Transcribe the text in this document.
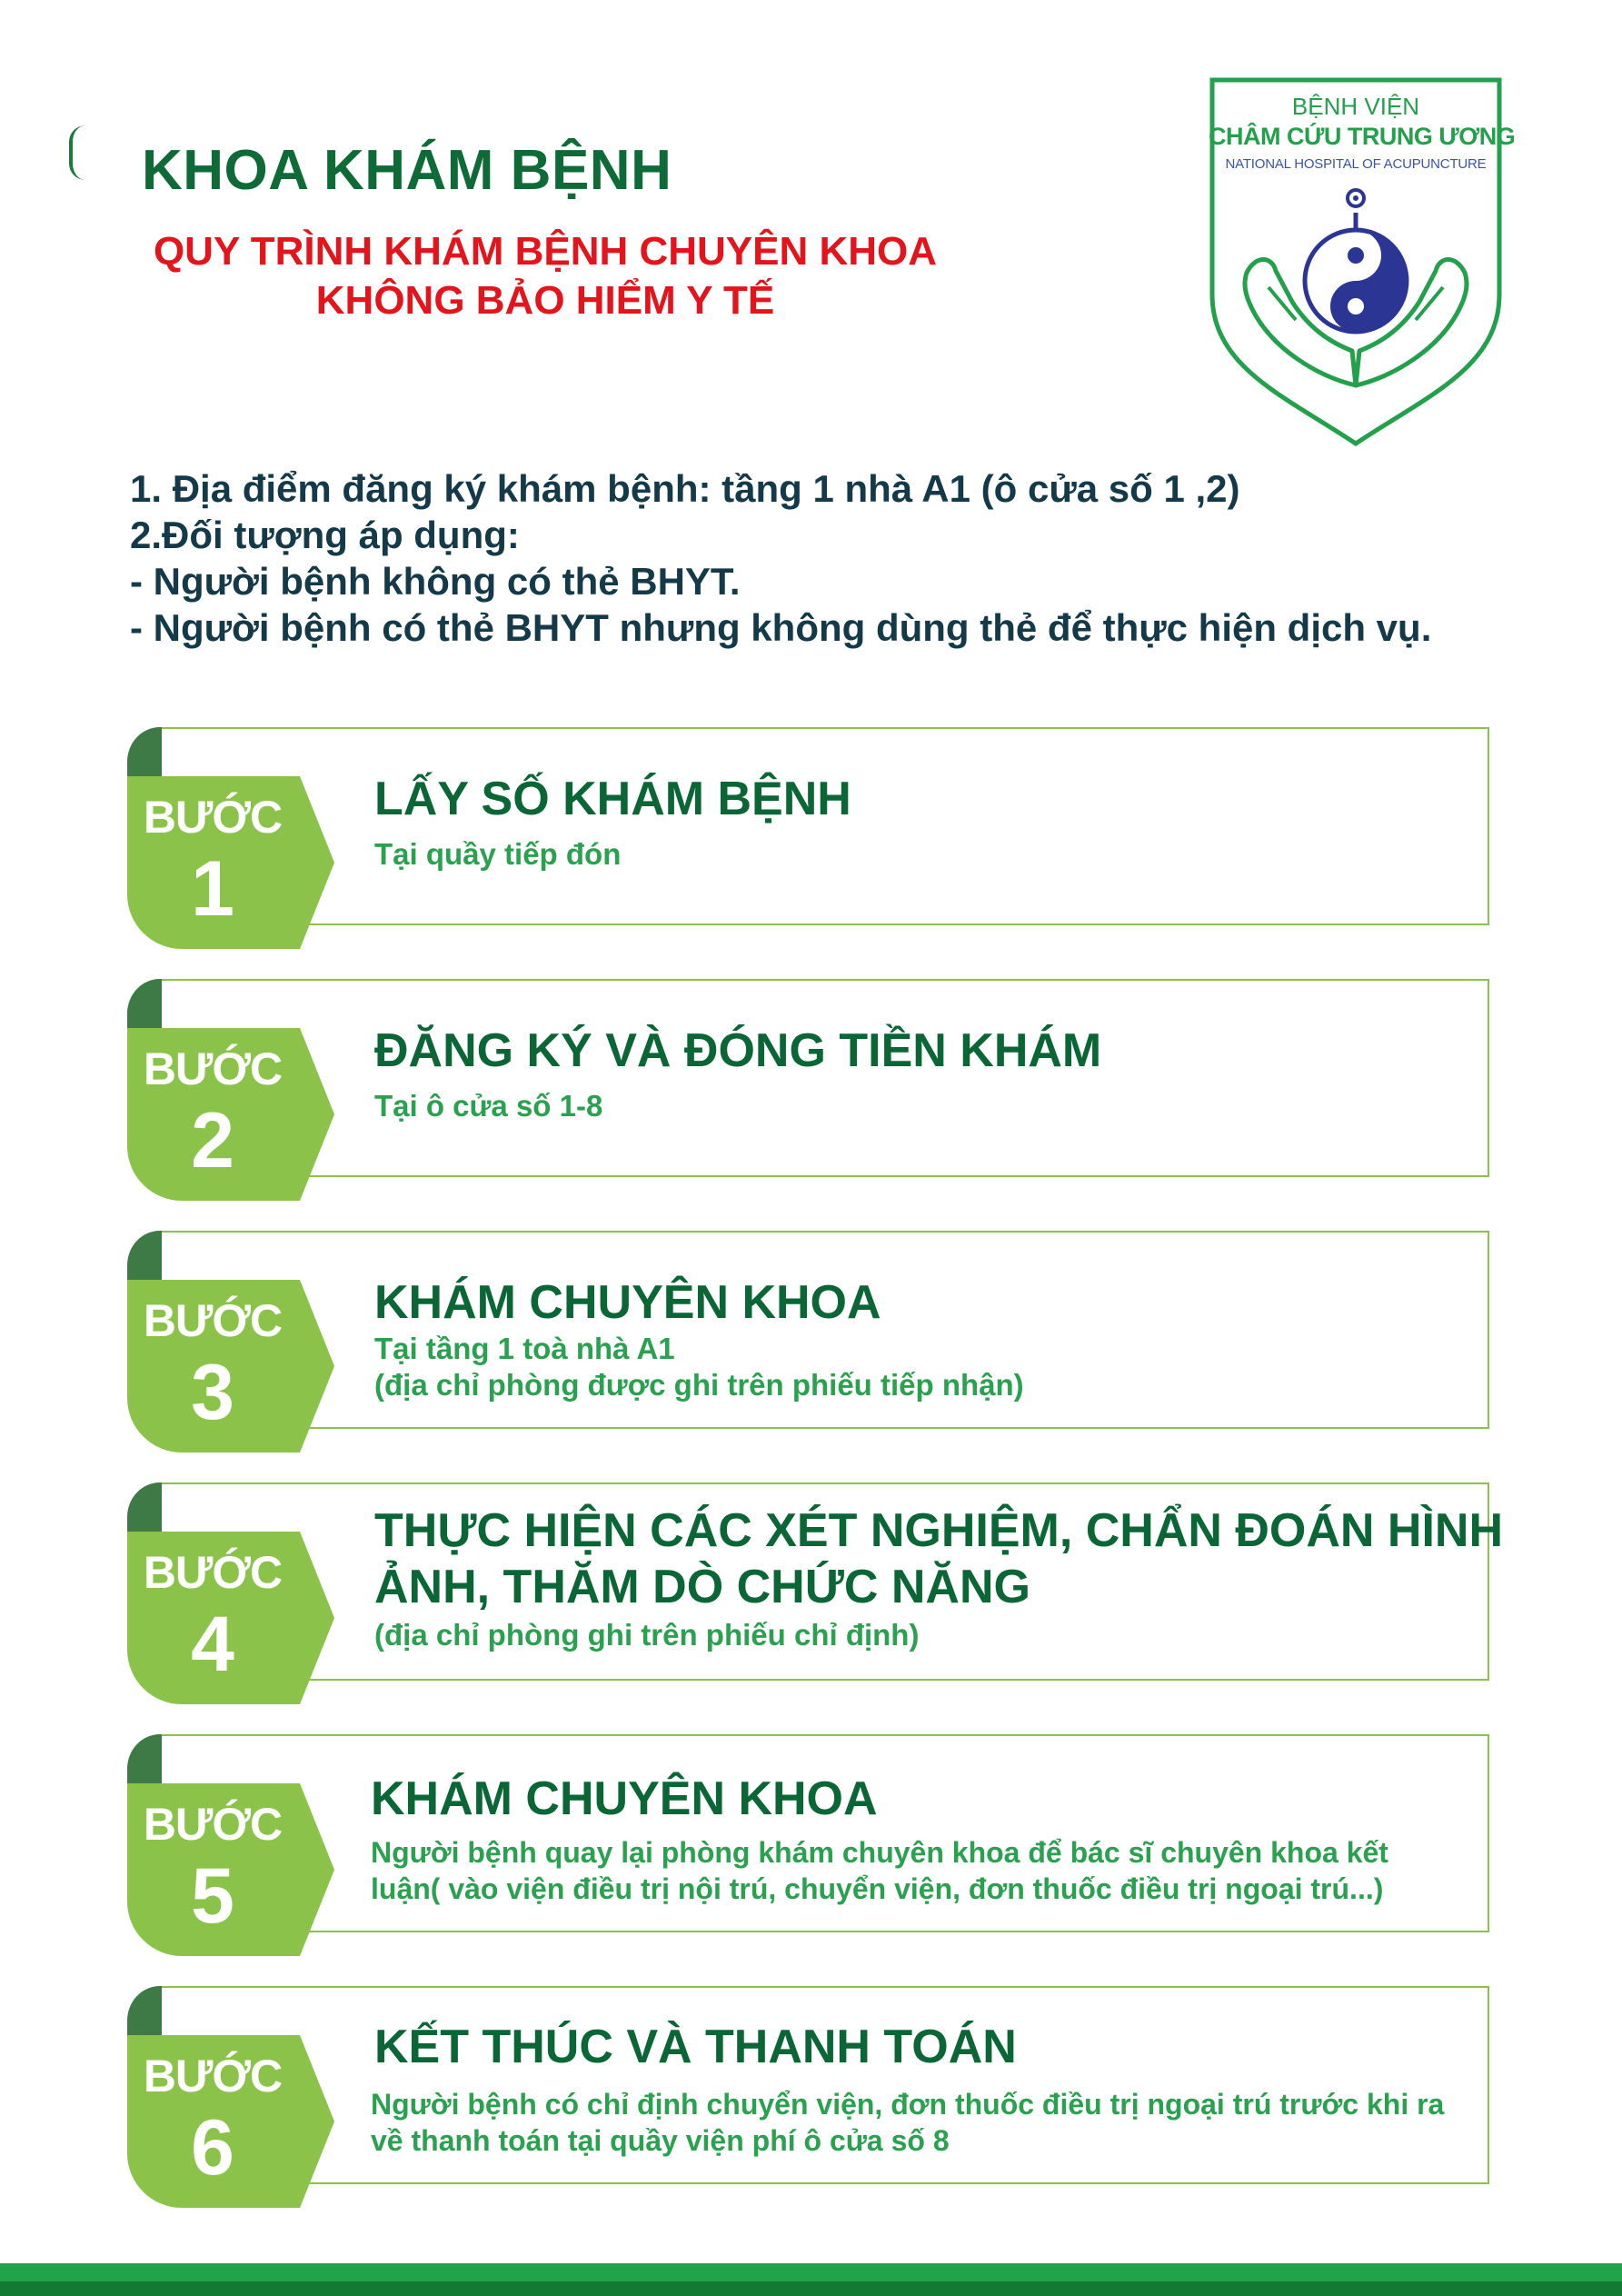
KHOA KHÁM BỆNH
QUY TRÌNH KHÁM BỆNH CHUYÊN KHOA
KHÔNG BẢO HIỂM Y TẾ
BỆNH VIỆN
CHÂM CỨU TRUNG ƯƠNG
NATIONAL HOSPITAL OF ACUPUNCTURE
1. Địa điểm đăng ký khám bệnh: tầng 1 nhà A1 (ô cửa số 1 ,2)
2.Đối tượng áp dụng:
- Người bệnh không có thẻ BHYT.
- Người bệnh có thẻ BHYT nhưng không dùng thẻ để thực hiện dịch vụ.
BƯỚC
1
LẤY SỐ KHÁM BỆNH
Tại quầy tiếp đón
BƯỚC
2
ĐĂNG KÝ VÀ ĐÓNG TIỀN KHÁM
Tại ô cửa số 1-8
BƯỚC
3
KHÁM CHUYÊN KHOA
Tại tầng 1 toà nhà A1
(địa chỉ phòng được ghi trên phiếu tiếp nhận)
BƯỚC
4
THỰC HIỆN CÁC XÉT NGHIỆM, CHẨN ĐOÁN HÌNH
ẢNH, THĂM DÒ CHỨC NĂNG
(địa chỉ phòng ghi trên phiếu chỉ định)
BƯỚC
5
KHÁM CHUYÊN KHOA
Người bệnh quay lại phòng khám chuyên khoa để bác sĩ chuyên khoa kết
luận( vào viện điều trị nội trú, chuyển viện, đơn thuốc điều trị ngoại trú...)
BƯỚC
6
KẾT THÚC VÀ THANH TOÁN
Người bệnh có chỉ định chuyển viện, đơn thuốc điều trị ngoại trú trước khi ra
về thanh toán tại quầy viện phí ô cửa số 8
